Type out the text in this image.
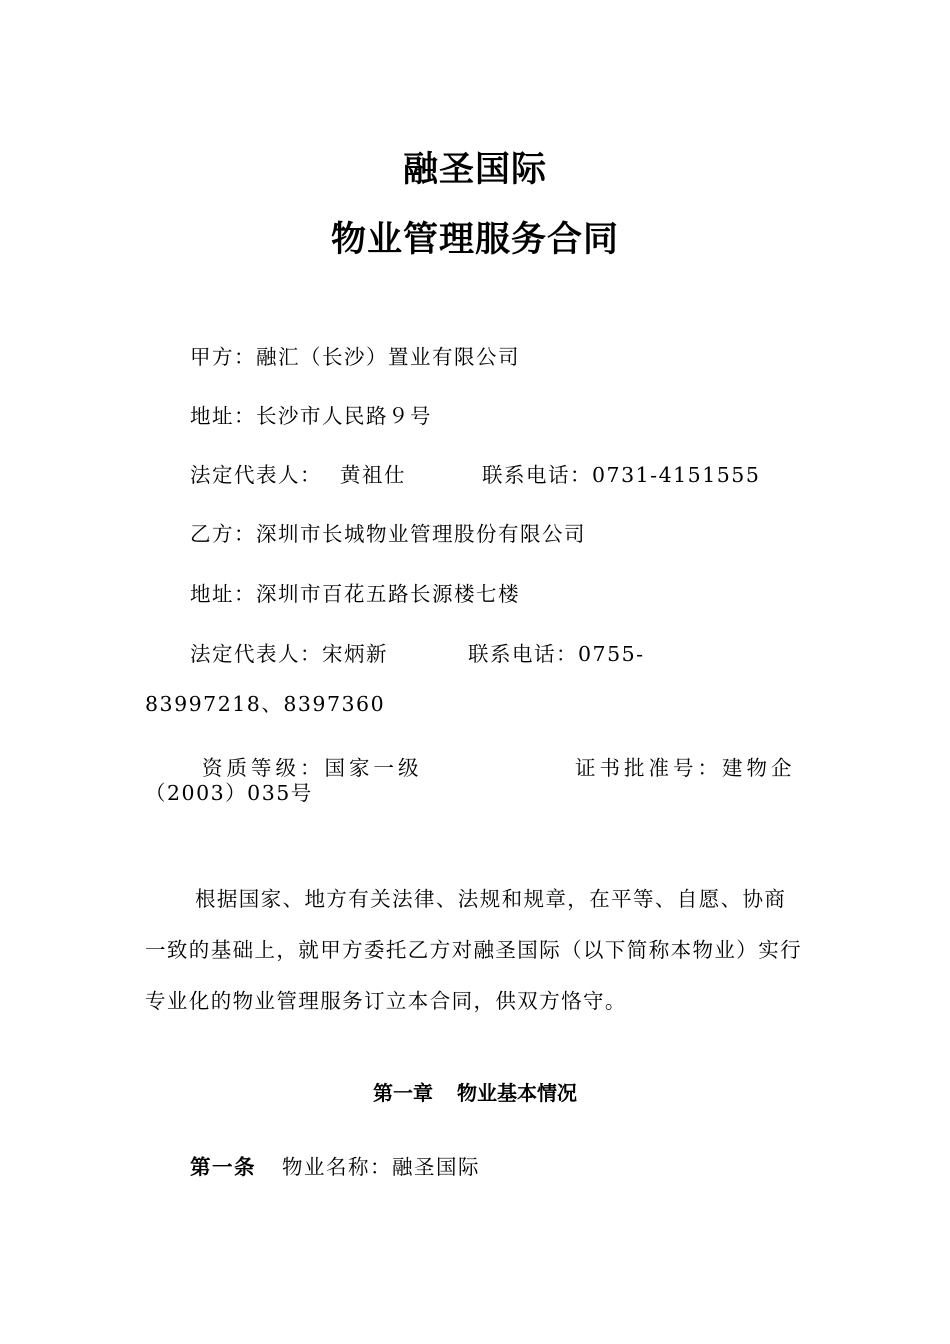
融圣国际
物业管理服务合同
甲方：融汇（长沙）置业有限公司
地址：长沙市人民路９号
法定代表人： 黄祖仕	联系电话：0731-4151555
乙方：深圳市长城物业管理股份有限公司
地址：深圳市百花五路长源楼七楼
法定代表人：宋炳新	联系电话：0755-
83997218、8397360
资质等级：国家一级	证书批准号：建物企
（2003）035号
根据国家、地方有关法律、法规和规章，在平等、自愿、协商一致的基础上，就甲方委托乙方对融圣国际（以下简称本物业）实行专业化的物业管理服务订立本合同，供双方恪守。
第一章 物业基本情况
第一条 物业名称：融圣国际
